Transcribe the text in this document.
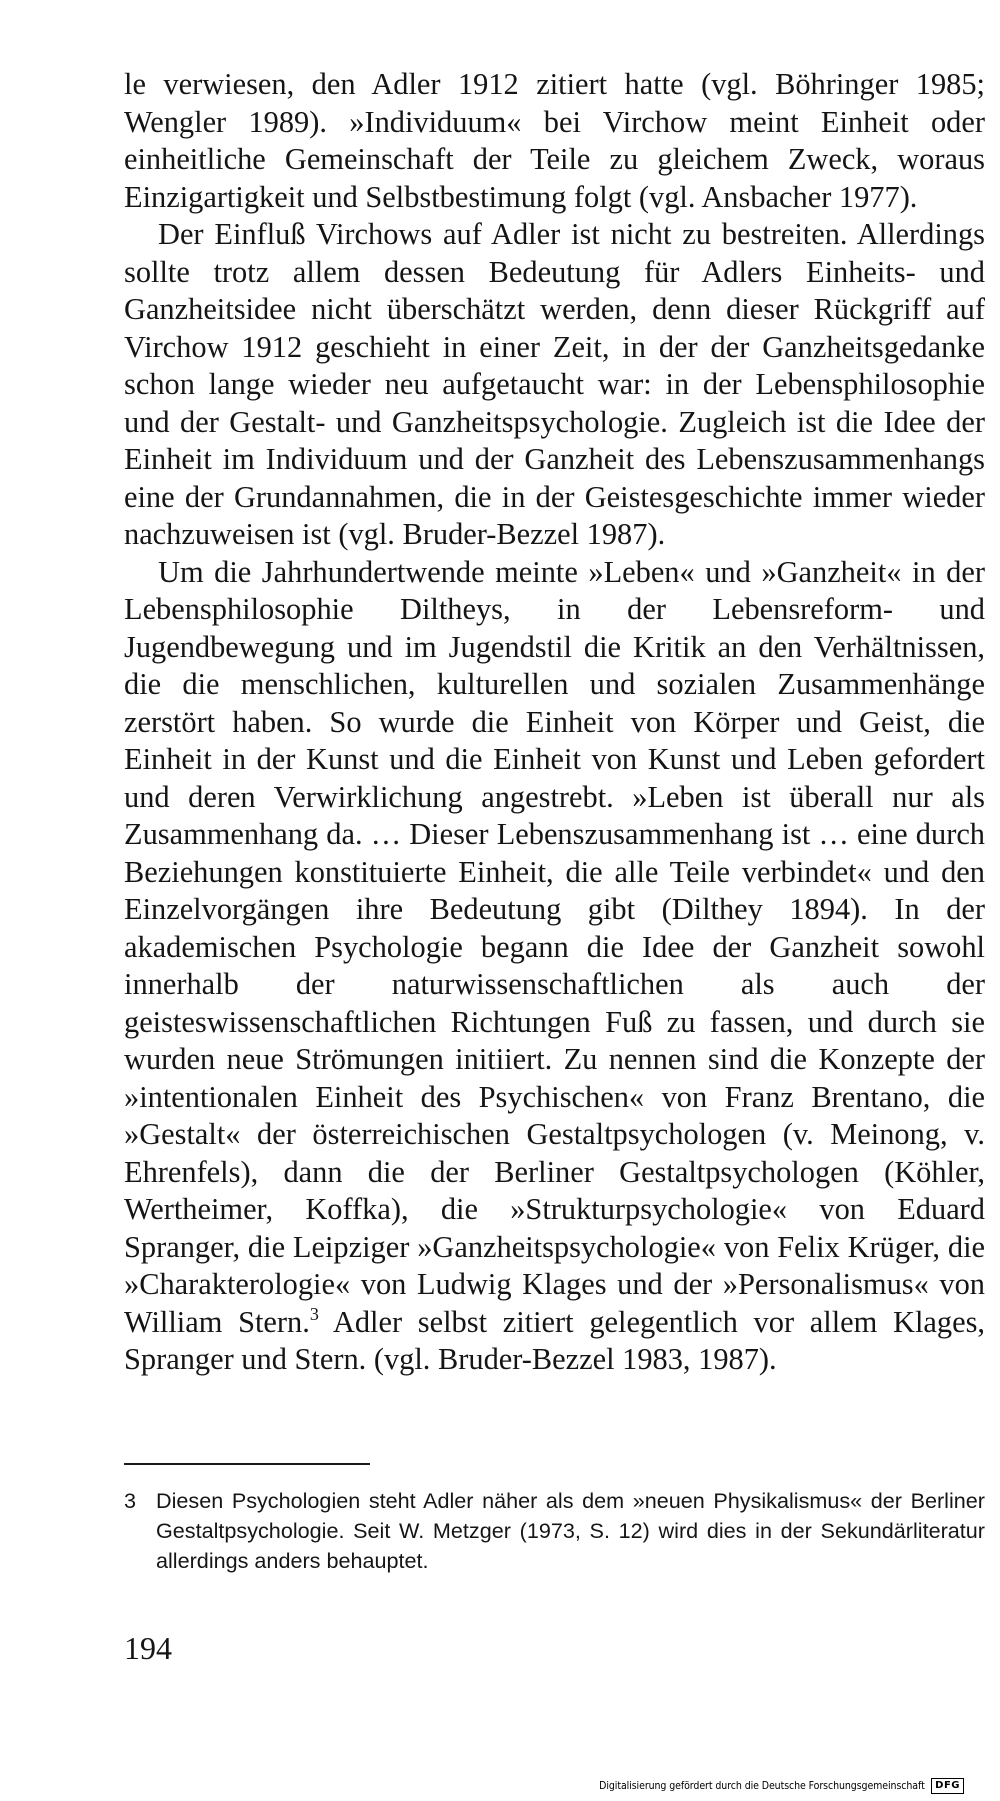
le verwiesen, den Adler 1912 zitiert hatte (vgl. Böhringer 1985; Wengler 1989). »Individuum« bei Virchow meint Einheit oder einheitliche Gemeinschaft der Teile zu gleichem Zweck, woraus Einzigartigkeit und Selbstbestimung folgt (vgl. Ansbacher 1977).

Der Einfluß Virchows auf Adler ist nicht zu bestreiten. Allerdings sollte trotz allem dessen Bedeutung für Adlers Einheits- und Ganzheitsidee nicht überschätzt werden, denn dieser Rückgriff auf Virchow 1912 geschieht in einer Zeit, in der der Ganzheitsgedanke schon lange wieder neu aufgetaucht war: in der Lebensphilosophie und der Gestalt- und Ganzheitspsychologie. Zugleich ist die Idee der Einheit im Individuum und der Ganzheit des Lebenszusammenhangs eine der Grundannahmen, die in der Geistesgeschichte immer wieder nachzuweisen ist (vgl. Bruder-Bezzel 1987).

Um die Jahrhundertwende meinte »Leben« und »Ganzheit« in der Lebensphilosophie Diltheys, in der Lebensreform- und Jugendbewegung und im Jugendstil die Kritik an den Verhältnissen, die die menschlichen, kulturellen und sozialen Zusammenhänge zerstört haben. So wurde die Einheit von Körper und Geist, die Einheit in der Kunst und die Einheit von Kunst und Leben gefordert und deren Verwirklichung angestrebt. »Leben ist überall nur als Zusammenhang da. … Dieser Lebenszusammenhang ist … eine durch Beziehungen konstituierte Einheit, die alle Teile verbindet« und den Einzelvorgängen ihre Bedeutung gibt (Dilthey 1894). In der akademischen Psychologie begann die Idee der Ganzheit sowohl innerhalb der naturwissenschaftlichen als auch der geisteswissenschaftlichen Richtungen Fuß zu fassen, und durch sie wurden neue Strömungen initiiert. Zu nennen sind die Konzepte der »intentionalen Einheit des Psychischen« von Franz Brentano, die »Gestalt« der österreichischen Gestaltpsychologen (v. Meinong, v. Ehrenfels), dann die der Berliner Gestaltpsychologen (Köhler, Wertheimer, Koffka), die »Strukturpsychologie« von Eduard Spranger, die Leipziger »Ganzheitspsychologie« von Felix Krüger, die »Charakterologie« von Ludwig Klages und der »Personalismus« von William Stern.$^3$ Adler selbst zitiert gelegentlich vor allem Klages, Spranger und Stern. (vgl. Bruder-Bezzel 1983, 1987).

3 Diesen Psychologien steht Adler näher als dem »neuen Physikalismus« der Berliner Gestaltpsychologie. Seit W. Metzger (1973, S. 12) wird dies in der Sekundärliteratur allerdings anders behauptet.
194
Digitalisierung gefördert durch die Deutsche Forschungsgemeinschaft	DFG
